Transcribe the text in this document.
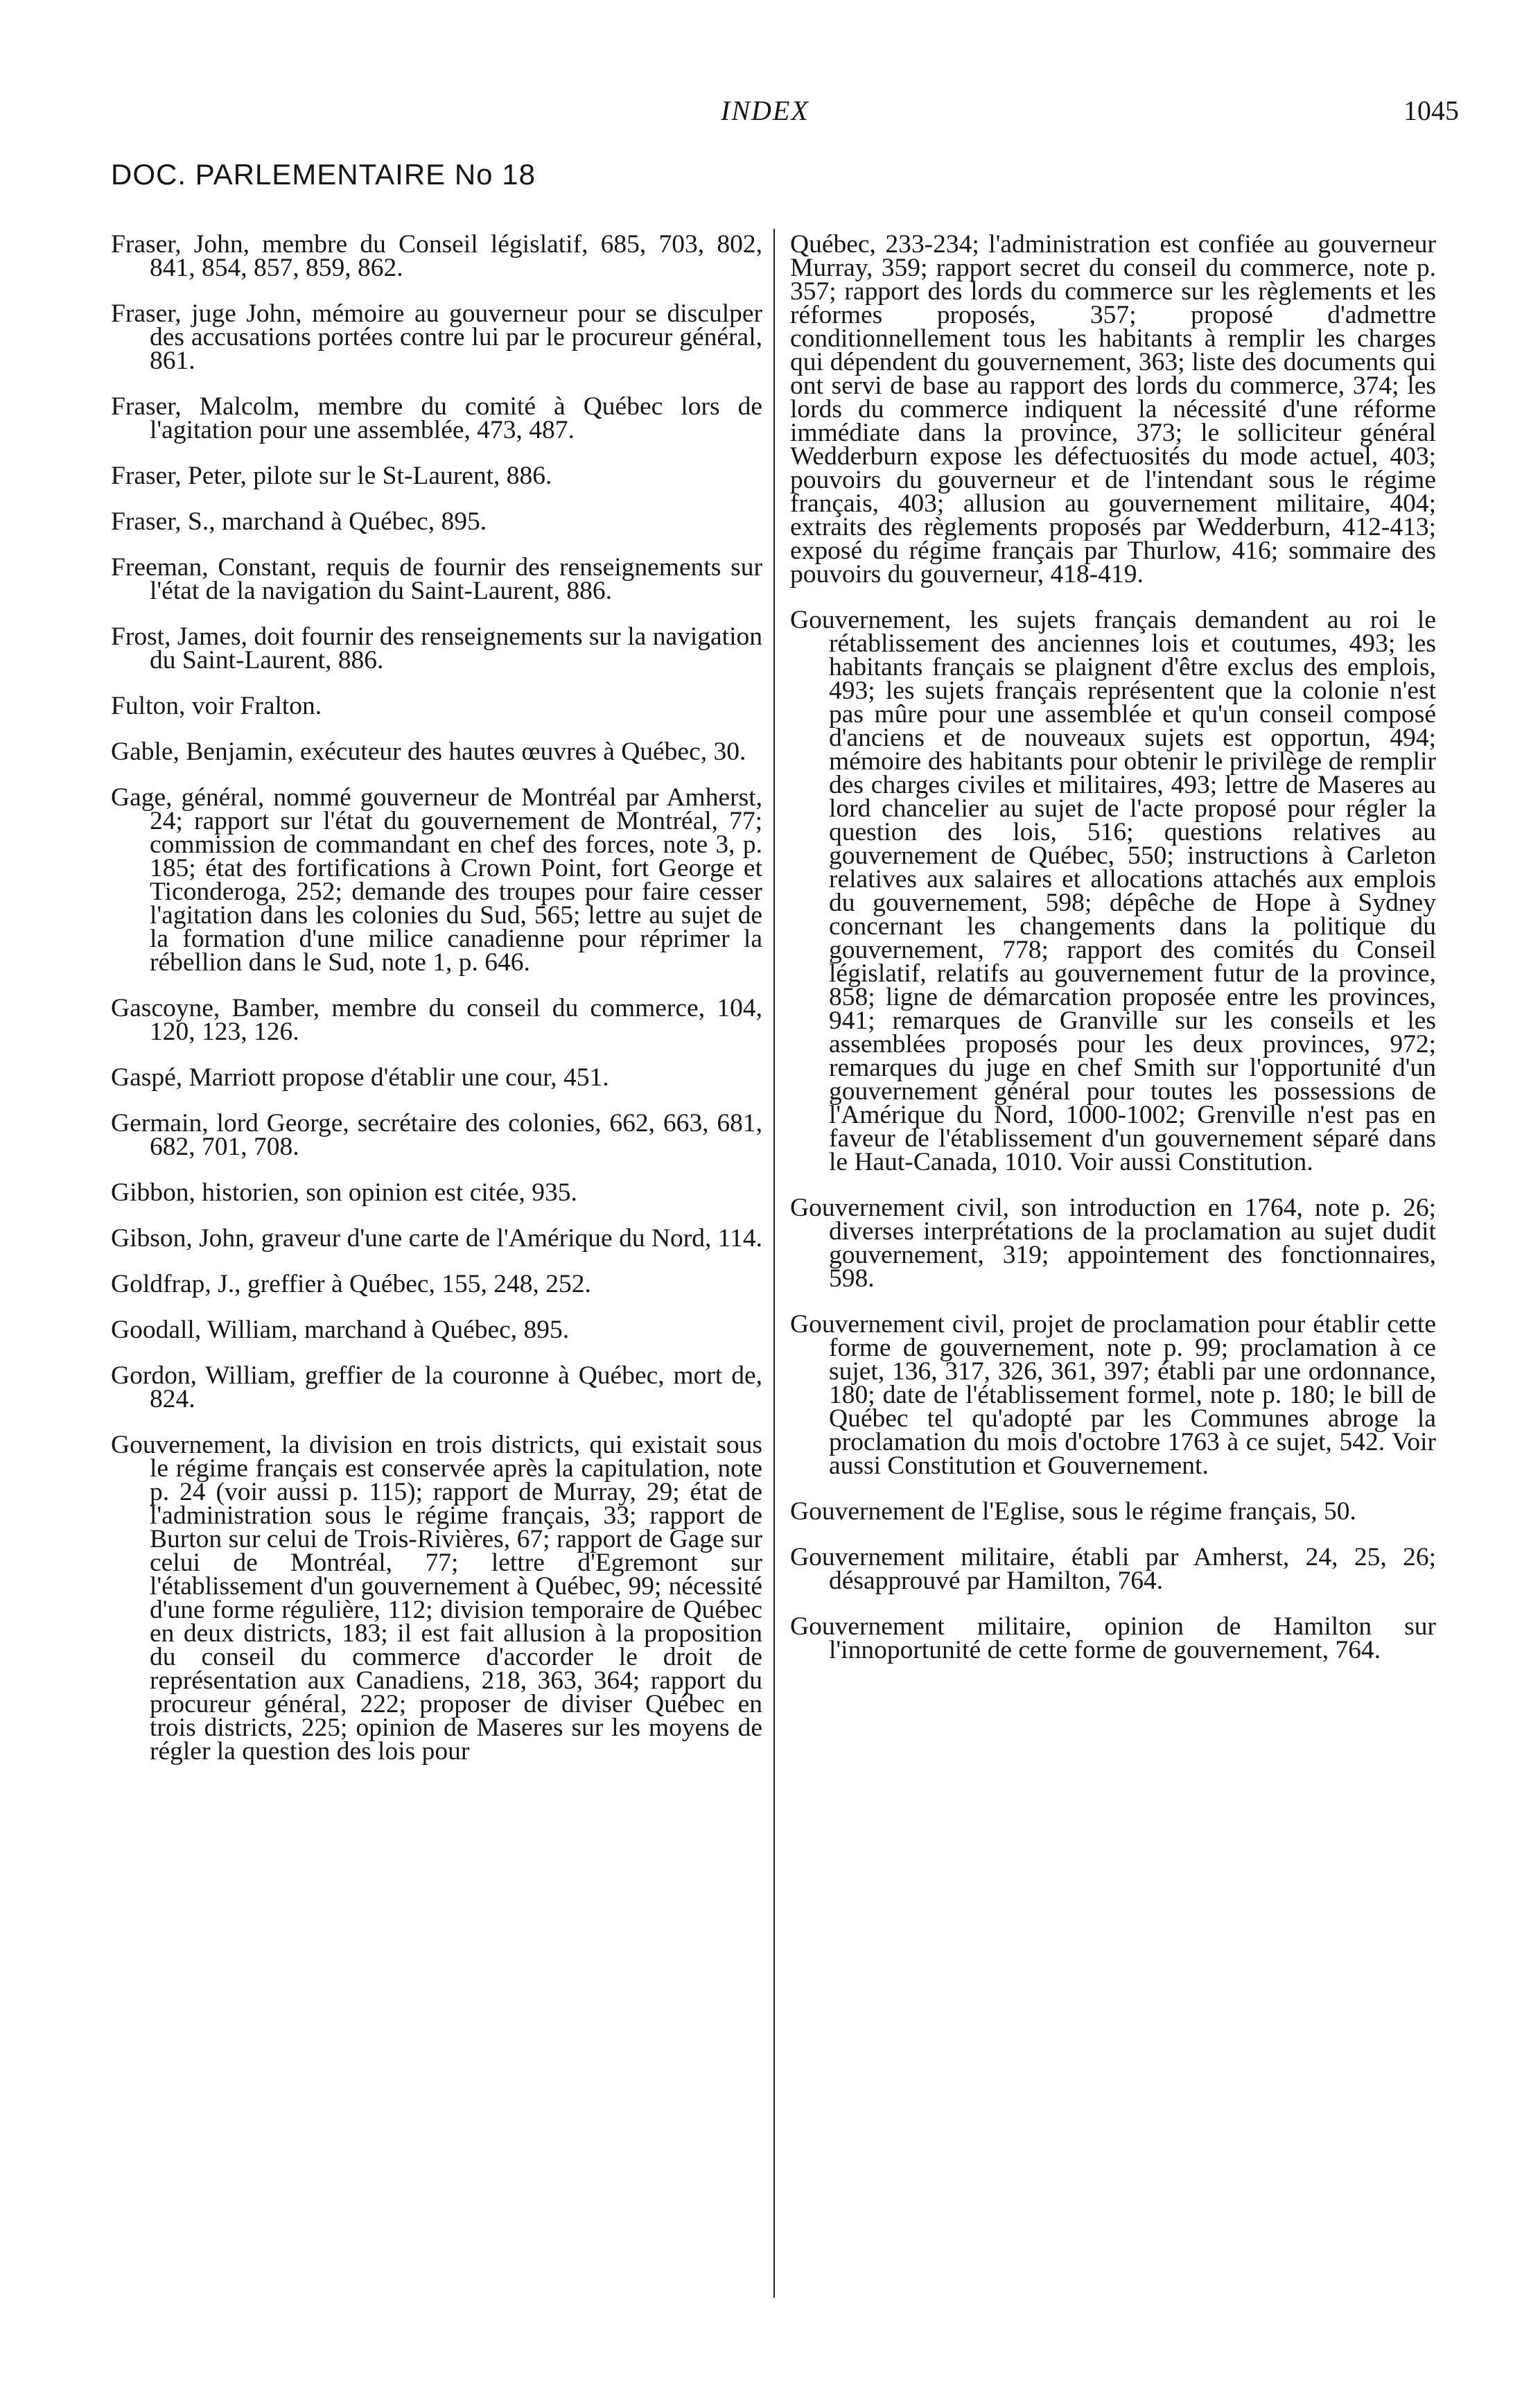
INDEX	1045
DOC. PARLEMENTAIRE No 18

Fraser, John, membre du Conseil législatif, 685, 703, 802, 841, 854, 857, 859, 862.

Fraser, juge John, mémoire au gouverneur pour se disculper des accusations portées contre lui par le procureur général, 861.

Fraser, Malcolm, membre du comité à Québec lors de l'agitation pour une assemblée, 473, 487.

Fraser, Peter, pilote sur le St-Laurent, 886.

Fraser, S., marchand à Québec, 895.

Freeman, Constant, requis de fournir des renseignements sur l'état de la navigation du Saint-Laurent, 886.

Frost, James, doit fournir des renseignements sur la navigation du Saint-Laurent, 886.

Fulton, voir Fralton.

Gable, Benjamin, exécuteur des hautes œuvres à Québec, 30.

Gage, général, nommé gouverneur de Montréal par Amherst, 24; rapport sur l'état du gouvernement de Montréal, 77; commission de commandant en chef des forces, note 3, p. 185; état des fortifications à Crown Point, fort George et Ticonderoga, 252; demande des troupes pour faire cesser l'agitation dans les colonies du Sud, 565; lettre au sujet de la formation d'une milice canadienne pour réprimer la rébellion dans le Sud, note 1, p. 646.

Gascoyne, Bamber, membre du conseil du commerce, 104, 120, 123, 126.

Gaspé, Marriott propose d'établir une cour, 451.

Germain, lord George, secrétaire des colonies, 662, 663, 681, 682, 701, 708.

Gibbon, historien, son opinion est citée, 935.

Gibson, John, graveur d'une carte de l'Amérique du Nord, 114.

Goldfrap, J., greffier à Québec, 155, 248, 252.

Goodall, William, marchand à Québec, 895.

Gordon, William, greffier de la couronne à Québec, mort de, 824.

Gouvernement, la division en trois districts, qui existait sous le régime français est conservée après la capitulation, note p. 24 (voir aussi p. 115); rapport de Murray, 29; état de l'administration sous le régime français, 33; rapport de Burton sur celui de Trois-Rivières, 67; rapport de Gage sur celui de Montréal, 77; lettre d'Egremont sur l'établissement d'un gouvernement à Québec, 99; nécessité d'une forme régulière, 112; division temporaire de Québec en deux districts, 183; il est fait allusion à la proposition du conseil du commerce d'accorder le droit de représentation aux Canadiens, 218, 363, 364; rapport du procureur général, 222; proposer de diviser Québec en trois districts, 225; opinion de Maseres sur les moyens de régler la question des lois pour

Québec, 233-234; l'administration est confiée au gouverneur Murray, 359; rapport secret du conseil du commerce, note p. 357; rapport des lords du commerce sur les règlements et les réformes proposés, 357; proposé d'admettre conditionnellement tous les habitants à remplir les charges qui dépendent du gouvernement, 363; liste des documents qui ont servi de base au rapport des lords du commerce, 374; les lords du commerce indiquent la nécessité d'une réforme immédiate dans la province, 373; le solliciteur général Wedderburn expose les défectuosités du mode actuel, 403; pouvoirs du gouverneur et de l'intendant sous le régime français, 403; allusion au gouvernement militaire, 404; extraits des règlements proposés par Wedderburn, 412-413; exposé du régime français par Thurlow, 416; sommaire des pouvoirs du gouverneur, 418-419.

Gouvernement, les sujets français demandent au roi le rétablissement des anciennes lois et coutumes, 493; les habitants français se plaignent d'être exclus des emplois, 493; les sujets français représentent que la colonie n'est pas mûre pour une assemblée et qu'un conseil composé d'anciens et de nouveaux sujets est opportun, 494; mémoire des habitants pour obtenir le privilège de remplir des charges civiles et militaires, 493; lettre de Maseres au lord chancelier au sujet de l'acte proposé pour régler la question des lois, 516; questions relatives au gouvernement de Québec, 550; instructions à Carleton relatives aux salaires et allocations attachés aux emplois du gouvernement, 598; dépêche de Hope à Sydney concernant les changements dans la politique du gouvernement, 778; rapport des comités du Conseil législatif, relatifs au gouvernement futur de la province, 858; ligne de démarcation proposée entre les provinces, 941; remarques de Granville sur les conseils et les assemblées proposés pour les deux provinces, 972; remarques du juge en chef Smith sur l'opportunité d'un gouvernement général pour toutes les possessions de l'Amérique du Nord, 1000-1002; Grenville n'est pas en faveur de l'établissement d'un gouvernement séparé dans le Haut-Canada, 1010. Voir aussi Constitution.

Gouvernement civil, son introduction en 1764, note p. 26; diverses interprétations de la proclamation au sujet dudit gouvernement, 319; appointement des fonctionnaires, 598.

Gouvernement civil, projet de proclamation pour établir cette forme de gouvernement, note p. 99; proclamation à ce sujet, 136, 317, 326, 361, 397; établi par une ordonnance, 180; date de l'établissement formel, note p. 180; le bill de Québec tel qu'adopté par les Communes abroge la proclamation du mois d'octobre 1763 à ce sujet, 542. Voir aussi Constitution et Gouvernement.

Gouvernement de l'Eglise, sous le régime français, 50.

Gouvernement militaire, établi par Amherst, 24, 25, 26; désapprouvé par Hamilton, 764.

Gouvernement militaire, opinion de Hamilton sur l'innoportunité de cette forme de gouvernement, 764.
